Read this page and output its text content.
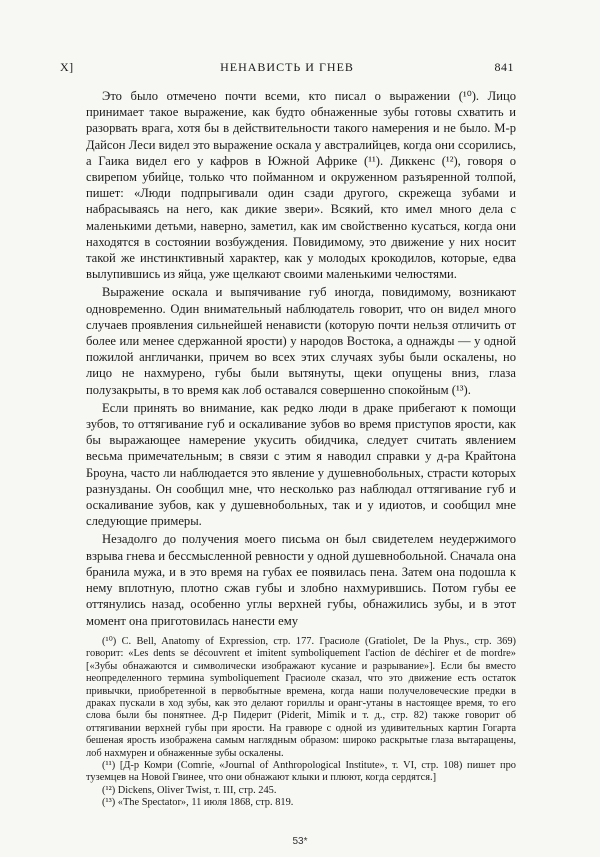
X]	НЕНАВИСТЬ И ГНЕВ	841

Это было отмечено почти всеми, кто писал о выражении (¹⁰). Лицо принимает такое выражение, как будто обнаженные зубы готовы схватить и разорвать врага, хотя бы в действительности такого намерения и не было. М-р Дайсон Леси видел это выражение оскала у австралийцев, когда они ссорились, а Гаика видел его у кафров в Южной Африке (¹¹). Диккенс (¹²), говоря о свирепом убийце, только что пойманном и окруженном разъяренной толпой, пишет: «Люди подпрыгивали один сзади другого, скрежеща зубами и набрасываясь на него, как дикие звери». Всякий, кто имел много дела с маленькими детьми, наверно, заметил, как им свойственно кусаться, когда они находятся в состоянии возбуждения. Повидимому, это движение у них носит такой же инстинктивный характер, как у молодых крокодилов, которые, едва вылупившись из яйца, уже щелкают своими маленькими челюстями.

Выражение оскала и выпячивание губ иногда, повидимому, возникают одновременно. Один внимательный наблюдатель говорит, что он видел много случаев проявления сильнейшей ненависти (которую почти нельзя отличить от более или менее сдержанной ярости) у народов Востока, а однажды — у одной пожилой англичанки, причем во всех этих случаях зубы были оскалены, но лицо не нахмурено, губы были вытянуты, щеки опущены вниз, глаза полузакрыты, в то время как лоб оставался совершенно спокойным (¹³).

Если принять во внимание, как редко люди в драке прибегают к помощи зубов, то оттягивание губ и оскаливание зубов во время приступов ярости, как бы выражающее намерение укусить обидчика, следует считать явлением весьма примечательным; в связи с этим я наводил справки у д-ра Крайтона Броуна, часто ли наблюдается это явление у душевнобольных, страсти которых разнузданы. Он сообщил мне, что несколько раз наблюдал оттягивание губ и оскаливание зубов, как у душевнобольных, так и у идиотов, и сообщил мне следующие примеры.

Незадолго до получения моего письма он был свидетелем неудержимого взрыва гнева и бессмысленной ревности у одной душевнобольной. Сначала она бранила мужа, и в это время на губах ее появилась пена. Затем она подошла к нему вплотную, плотно сжав губы и злобно нахмурившись. Потом губы ее оттянулись назад, особенно углы верхней губы, обнажились зубы, и в этот момент она приготовилась нанести ему

(¹⁰) C. Bell, Anatomy of Expression, стр. 177. Грасиоле (Gratiolet, De la Phys., стр. 369) говорит: «Les dents se découvrent et imitent symboliquement l'action de déchirer et de mordre» [«Зубы обнажаются и символически изображают кусание и разрывание»]. Если бы вместо неопределенного термина symboliquement Грасиоле сказал, что это движение есть остаток привычки, приобретенной в первобытные времена, когда наши получеловеческие предки в драках пускали в ход зубы, как это делают гориллы и оранг-утаны в настоящее время, то его слова были бы понятнее. Д-р Пидерит (Piderit, Mimik и т. д., стр. 82) также говорит об оттягивании верхней губы при ярости. На гравюре с одной из удивительных картин Гогарта бешеная ярость изображена самым наглядным образом: широко раскрытые глаза вытаращены, лоб нахмурен и обнаженные зубы оскалены.

(¹¹) [Д-р Комри (Comrie, «Journal of Anthropological Institute», т. VI, стр. 108) пишет про туземцев на Новой Гвинее, что они обнажают клыки и плюют, когда сердятся.]

(¹²) Dickens, Oliver Twist, т. III, стр. 245.

(¹³) «The Spectator», 11 июля 1868, стр. 819.

53*
